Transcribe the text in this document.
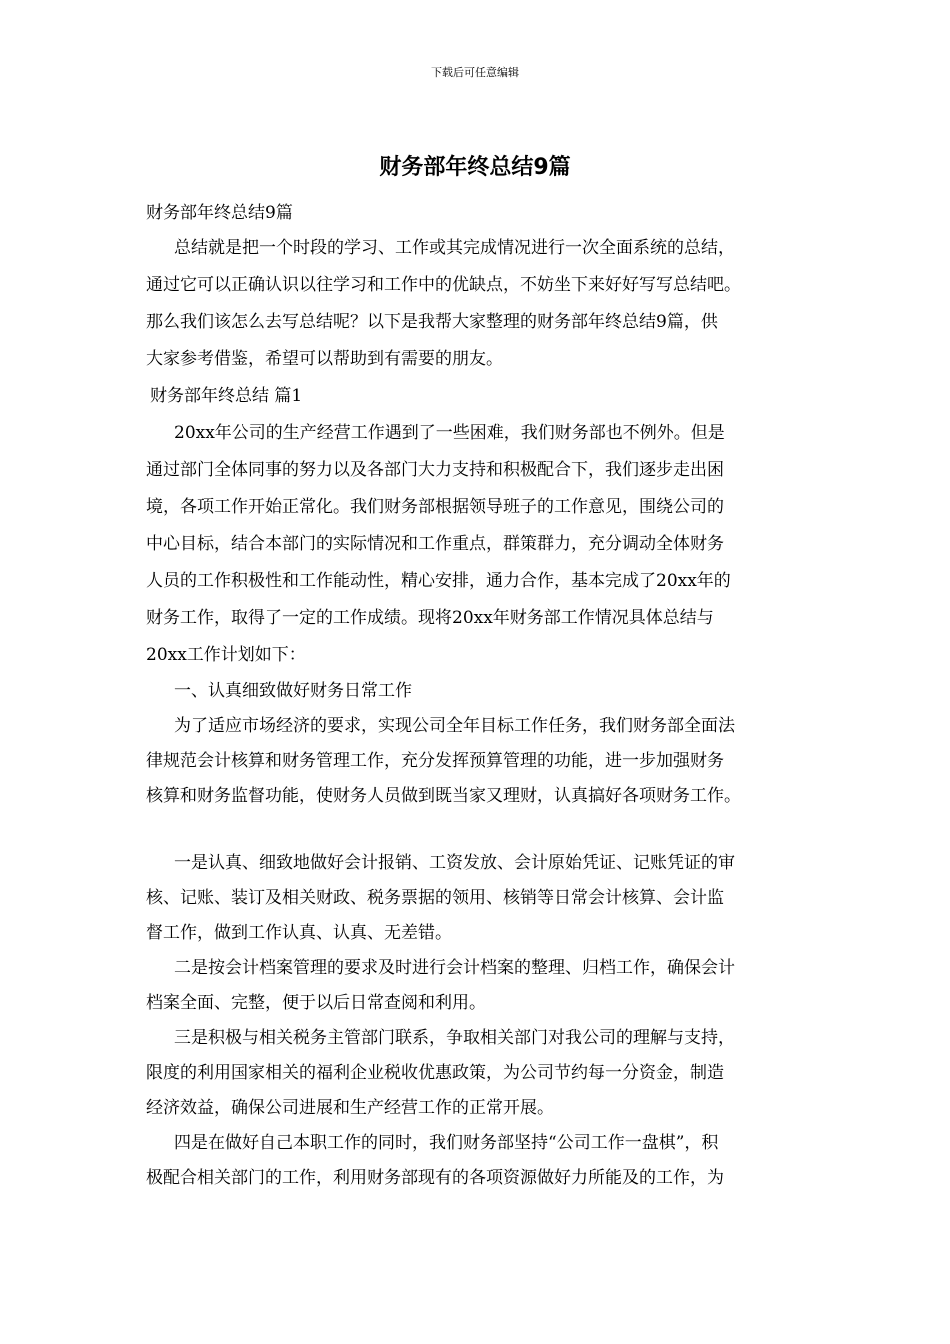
下载后可任意编辑
财务部年终总结9篇
财务部年终总结9篇

总结就是把一个时段的学习、工作或其完成情况进行一次全面系统的总结，
通过它可以正确认识以往学习和工作中的优缺点，不妨坐下来好好写写总结吧。
那么我们该怎么去写总结呢？以下是我帮大家整理的财务部年终总结9篇，供
大家参考借鉴，希望可以帮助到有需要的朋友。

财务部年终总结 篇1

20xx年公司的生产经营工作遇到了一些困难，我们财务部也不例外。但是
通过部门全体同事的努力以及各部门大力支持和积极配合下，我们逐步走出困
境，各项工作开始正常化。我们财务部根据领导班子的工作意见，围绕公司的
中心目标，结合本部门的实际情况和工作重点，群策群力，充分调动全体财务
人员的工作积极性和工作能动性，精心安排，通力合作，基本完成了20xx年的
财务工作，取得了一定的工作成绩。现将20xx年财务部工作情况具体总结与
20xx工作计划如下：

一、认真细致做好财务日常工作

为了适应市场经济的要求，实现公司全年目标工作任务，我们财务部全面法
律规范会计核算和财务管理工作，充分发挥预算管理的功能，进一步加强财务
核算和财务监督功能，使财务人员做到既当家又理财，认真搞好各项财务工作。

一是认真、细致地做好会计报销、工资发放、会计原始凭证、记账凭证的审
核、记账、装订及相关财政、税务票据的领用、核销等日常会计核算、会计监
督工作，做到工作认真、认真、无差错。

二是按会计档案管理的要求及时进行会计档案的整理、归档工作，确保会计
档案全面、完整，便于以后日常查阅和利用。

三是积极与相关税务主管部门联系，争取相关部门对我公司的理解与支持，
限度的利用国家相关的福利企业税收优惠政策，为公司节约每一分资金，制造
经济效益，确保公司进展和生产经营工作的正常开展。

四是在做好自己本职工作的同时，我们财务部坚持“公司工作一盘棋”，积
极配合相关部门的工作，利用财务部现有的各项资源做好力所能及的工作，为
